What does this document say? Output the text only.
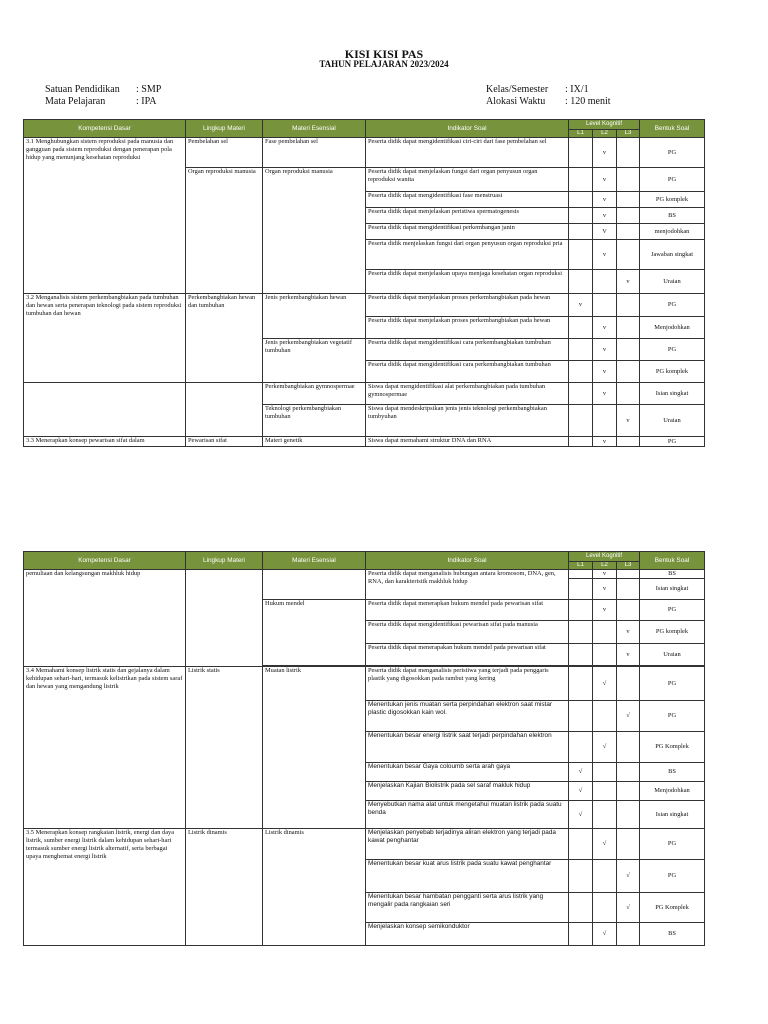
KISI KISI PAS
TAHUN PELAJARAN 2023/2024
Satuan Pendidikan : SMP
Mata Pelajaran	: IPA
Kelas/Semester : IX/1
Alokasi Waktu : 120 menit
Kompetensi Dasar	Lingkup Materi	Materi Esensial	Indikator Soal	Level Kognitif			Bentuk Soal
				L1	L2	L3	
3.1 Menghubungkan sistem reproduksi pada manusia dan gangguan pada sistem reproduksi dengan penerapan pola hidup yang menunjang kesehatan reproduksi	Pembelahan sel	Fase pembelahan sel	Peserta didik dapat mengidentifikasi ciri-ciri dari fase pembelahan sel		v		PG
	Organ reproduksi manusia	Organ reproduksi manusia	Peserta didik dapat menjelaskan fungsi dari organ penyusun organ reproduksi wanita		v		PG
			Peserta didik dapat mengidentifikasi fase menstruasi		v		PG komplek
			Peserta didik dapat menjelaskan peristiwa spermatogenesis		v		BS
			Peserta didik dapat mengidentifikasi perkembangan janin		V		menjodohkan
			Peserta didik menjelaskan fungsi dari organ penyusun organ reproduksi pria		v		Jawaban singkat
			Peserta didik dapat menjelaskan upaya menjaga kesehatan organ reproduksi			v	Uraian
3.2 Menganalisis sistem perkembangbiakan pada tumbuhan dan hewan serta penerapan teknologi pada sistem reproduksi tumbuhan dan hewan	Perkembangbiakan hewan dan tumbuhan	Jenis perkembangbiakan hewan	Peserta didik dapat menjelaskan proses perkembangbiakan pada hewan	v			PG
			Peserta didik dapat menjelaskan proses perkembangbiakan pada hewan		v		Menjodohkan
		Jenis perkembangbiakan vegetatif tumbuhan	Peserta didik dapat mengidentifikasi cara perkembangbiakan tumbuhan		v		PG
			Peserta didik dapat mengidentifikasi cara perkembangbiakan tumbuhan		v		PG komplek
		Perkembangbiakan gymnospermae	Siswa dapat mengidentifikasi alat perkembangbiakan pada tumbuhan gymnospermae		v		Isian singkat
		Teknologi perkembangbiakan tumbuhan	Siswa dapat mendeskripsikan jenis jenis teknologi perkembangbiakan tumbyuhan			v	Uraian
3.3 Menerapkan konsep pewarisan sifat dalam	Pewarisan sifat	Materi genetik	Siswa dapat memahami struktur DNA dan RNA		v		PG
Kompetensi Dasar	Lingkup Materi	Materi Esensial	Indikator Soal	Level Kognitif			Bentuk Soal
				L1	L2	L3	
pemuliaan dan kelangsungan makhluk hidup			Peserta didik dapat menganalisis hubungan antara kromosom, DNA, gen, RNA, dan karakteristik makhluk hidup		v		BS
					v		Isian singkat
		Hukum mendel	Peserta didik dapat menerapkan hukum mendel pada pewarisan sifat		v		PG
			Peserta didik dapat mengidentifikasi pewarisan sifat pada manusia			v	PG komplek
			Peserta didik dapat menerapakan hukum mendel pada pewarisan sifat			v	Uraian

3.4 Memahami konsep listrik statis dan gejalanya dalam kehidupan sehari-hari, termasuk kelistrikan pada sistem saraf dan hewan yang mengandung listrik	Listrik statis	Muatan listrik	Peserta didik dapat menganalisis peristiwa yang terjadi pada penggaris plastik yang digosokkan pada rambut yang kering		√		PG
			Menentukan jenis muatan serta perpindahan elektron saat mistar plastic digosokkan kain wol.			√	PG
			Menentukan besar energi listrik saat terjadi perpindahan elektron		√		PG Komplek
			Menentukan besar Gaya coloumb serta arah gaya	√			BS
			Menjelaskan Kajian Biolistrik pada sel saraf makluk hidup	√			Menjodohkan
			Menyebutkan nama alat untuk mengetahui muatan listrik pada suatu benda	√			Isian singkat
3.5 Menerapkan konsep rangkaian listrik, energi dan daya listrik, sumber energi listrik dalam kehidupan sehari-hari termasuk sumber energi listrik alternatif, serta berbagai upaya menghemat energi listrik	Listrik dinamis	Listrik dinamis	Menjelaskan penyebab terjadinya aliran elektron yang terjadi pada kawat penghantar		√		PG
			Menentukan besar kuat arus listrik pada suatu kawat penghantar			√	PG
			Menentukan besar hambatan pengganti serta arus listrik yang mengalir pada rangkaian seri			√	PG Komplek
			Menjelaskan konsep semikonduktor		√		BS
